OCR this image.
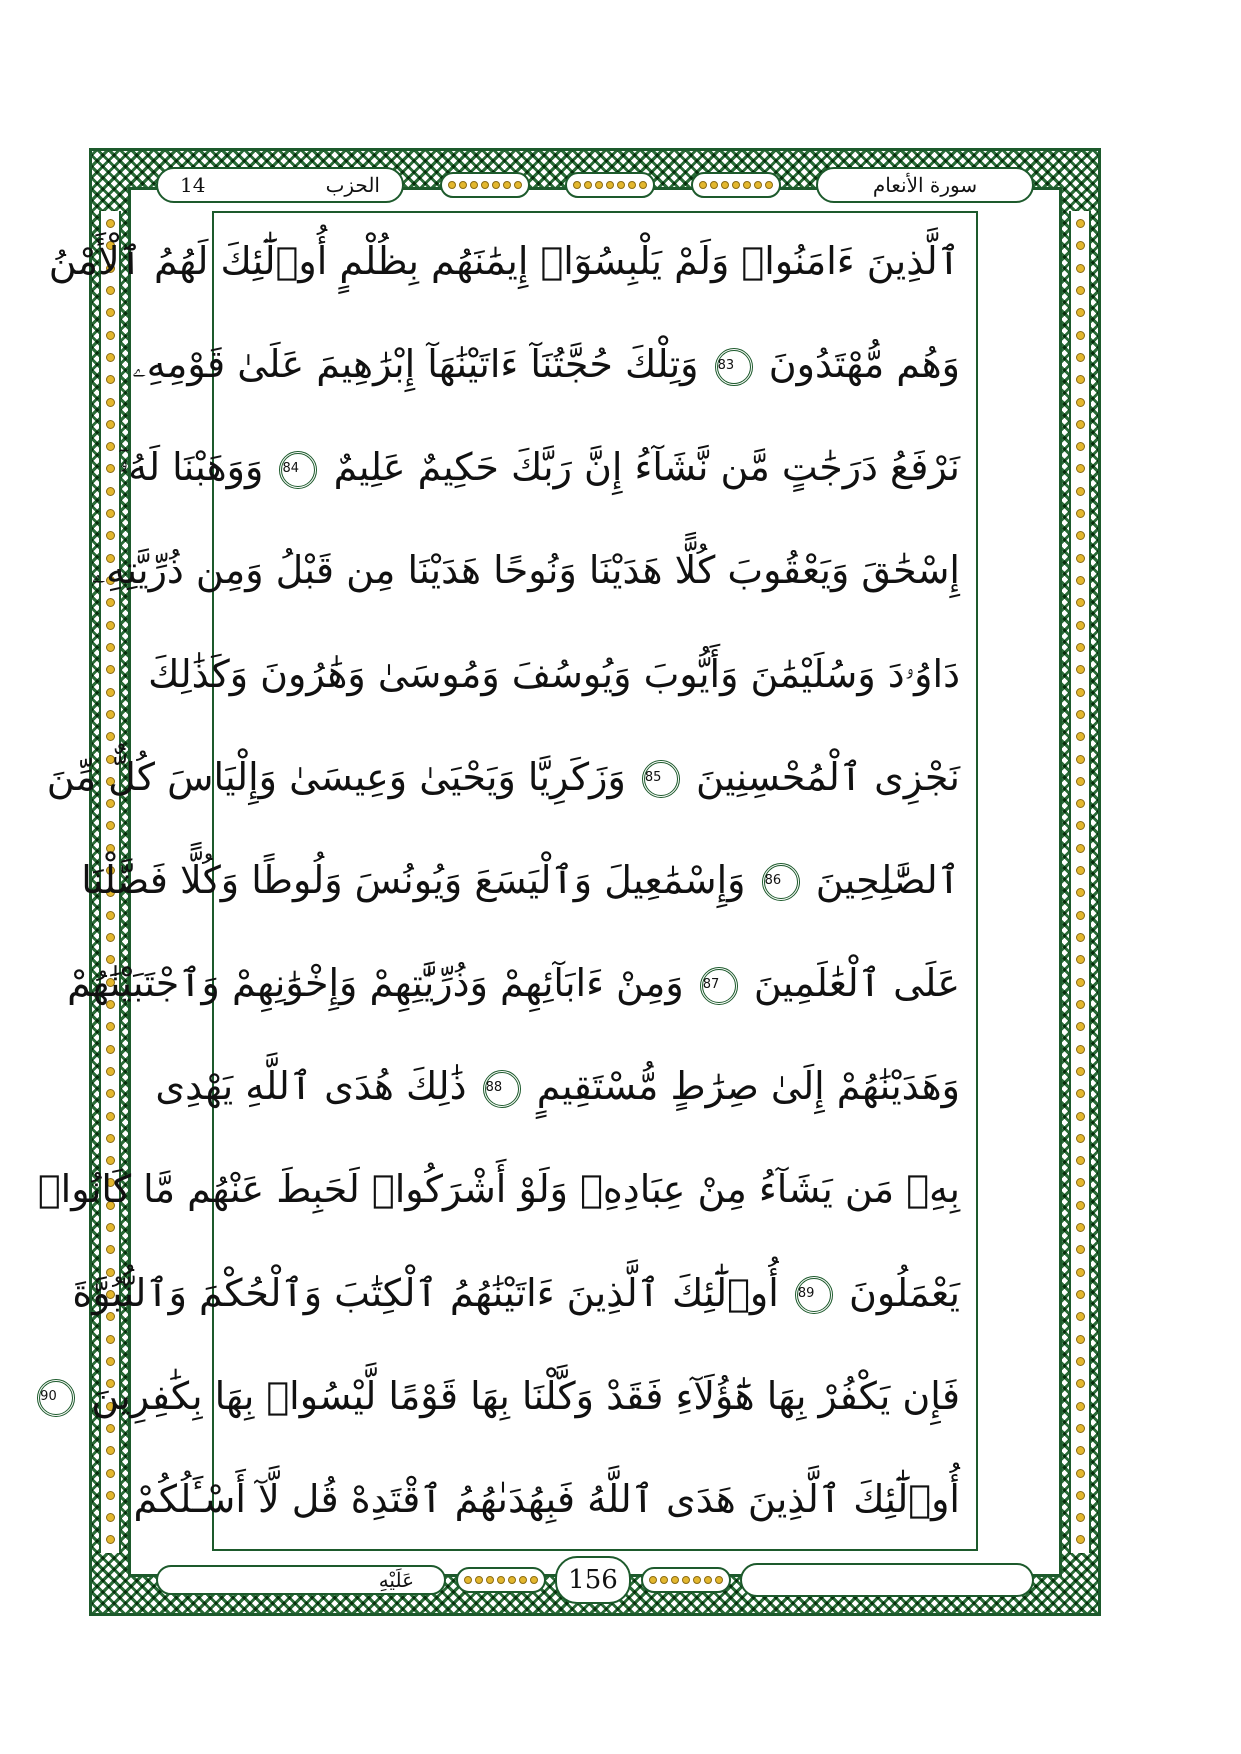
14	الحزب	سورة الأنعام
ٱلَّذِينَ ءَامَنُوا۟ وَلَمْ يَلْبِسُوٓا۟ إِيمَٰنَهُم بِظُلْمٍ أُو۟لَٰٓئِكَ لَهُمُ ٱلْأَمْنُ
وَهُم مُّهْتَدُونَ 83 وَتِلْكَ حُجَّتُنَآ ءَاتَيْنَٰهَآ إِبْرَٰهِيمَ عَلَىٰ قَوْمِهِۦ
نَرْفَعُ دَرَجَٰتٍ مَّن نَّشَآءُ إِنَّ رَبَّكَ حَكِيمٌ عَلِيمٌ 84 وَوَهَبْنَا لَهُۥٓ
إِسْحَٰقَ وَيَعْقُوبَ كُلًّا هَدَيْنَا وَنُوحًا هَدَيْنَا مِن قَبْلُ وَمِن ذُرِّيَّتِهِۦ
دَاوُۥدَ وَسُلَيْمَٰنَ وَأَيُّوبَ وَيُوسُفَ وَمُوسَىٰ وَهَٰرُونَ وَكَذَٰلِكَ
نَجْزِى ٱلْمُحْسِنِينَ 85 وَزَكَرِيَّا وَيَحْيَىٰ وَعِيسَىٰ وَإِلْيَاسَ كُلٌّ مِّنَ
ٱلصَّٰلِحِينَ 86 وَإِسْمَٰعِيلَ وَٱلْيَسَعَ وَيُونُسَ وَلُوطًا وَكُلًّا فَضَّلْنَا
عَلَى ٱلْعَٰلَمِينَ 87 وَمِنْ ءَابَآئِهِمْ وَذُرِّيَّٰتِهِمْ وَإِخْوَٰنِهِمْ وَٱجْتَبَيْنَٰهُمْ
وَهَدَيْنَٰهُمْ إِلَىٰ صِرَٰطٍ مُّسْتَقِيمٍ 88 ذَٰلِكَ هُدَى ٱللَّهِ يَهْدِى
بِهِۦ مَن يَشَآءُ مِنْ عِبَادِهِۦ وَلَوْ أَشْرَكُوا۟ لَحَبِطَ عَنْهُم مَّا كَانُوا۟
يَعْمَلُونَ 89 أُو۟لَٰٓئِكَ ٱلَّذِينَ ءَاتَيْنَٰهُمُ ٱلْكِتَٰبَ وَٱلْحُكْمَ وَٱلنُّبُوَّةَ
فَإِن يَكْفُرْ بِهَا هَٰٓؤُلَآءِ فَقَدْ وَكَّلْنَا بِهَا قَوْمًا لَّيْسُوا۟ بِهَا بِكَٰفِرِينَ 90
أُو۟لَٰٓئِكَ ٱلَّذِينَ هَدَى ٱللَّهُ فَبِهُدَىٰهُمُ ٱقْتَدِهْ قُل لَّآ أَسْـَٔلُكُمْ
عَلَيْهِ	156
